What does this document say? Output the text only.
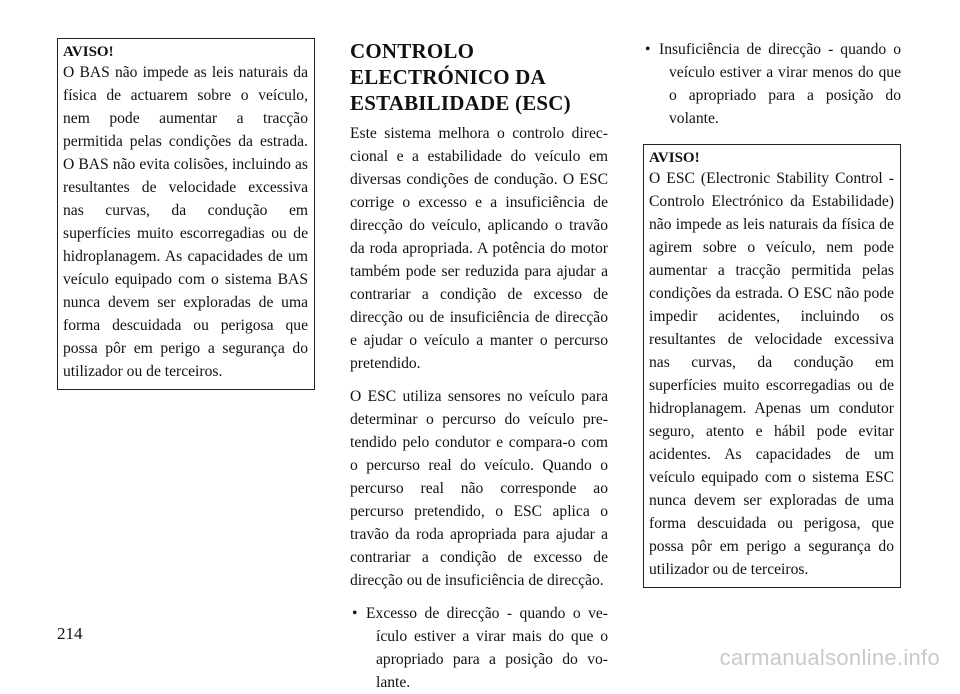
AVISO!

O BAS não impede as leis naturais da física de actuarem sobre o veículo, nem pode aumentar a tracção permitida pelas condições da estrada. O BAS não evita colisões, incluindo as resultantes de velocidade excessiva nas curvas, da condução em superfícies muito escorregadias ou de hidroplanagem. As capacidades de um veículo equipado com o sistema BAS nunca devem ser exploradas de uma forma descuidada ou perigosa que possa pôr em perigo a segurança do utilizador ou de terceiros.

CONTROLO ELECTRÓNICO DA ESTABILIDADE (ESC)

Este sistema melhora o controlo direccional e a estabilidade do veículo em diversas condições de condução. O ESC corrige o excesso e a insuficiência de direcção do veículo, aplicando o travão da roda apropriada. A potência do motor também pode ser reduzida para ajudar a contrariar a condição de excesso de direcção ou de insuficiência de direcção e ajudar o veículo a manter o percurso pretendido.

O ESC utiliza sensores no veículo para determinar o percurso do veículo pretendido pelo condutor e compara-o com o percurso real do veículo. Quando o percurso real não corresponde ao percurso pretendido, o ESC aplica o travão da roda apropriada para ajudar a contrariar a condição de excesso de direcção ou de insuficiência de direcção.

• Excesso de direcção - quando o veículo estiver a virar mais do que o apropriado para a posição do volante.
• Insuficiência de direcção - quando o veículo estiver a virar menos do que o apropriado para a posição do volante.

AVISO!

O ESC (Electronic Stability Control - Controlo Electrónico da Estabilidade) não impede as leis naturais da física de agirem sobre o veículo, nem pode aumentar a tracção permitida pelas condições da estrada. O ESC não pode impedir acidentes, incluindo os resultantes de velocidade excessiva nas curvas, da condução em superfícies muito escorregadias ou de hidroplanagem. Apenas um condutor seguro, atento e hábil pode evitar acidentes. As capacidades de um veículo equipado com o sistema ESC nunca devem ser exploradas de uma forma descuidada ou perigosa, que possa pôr em perigo a segurança do utilizador ou de terceiros.

214
carmanualsonline.info
